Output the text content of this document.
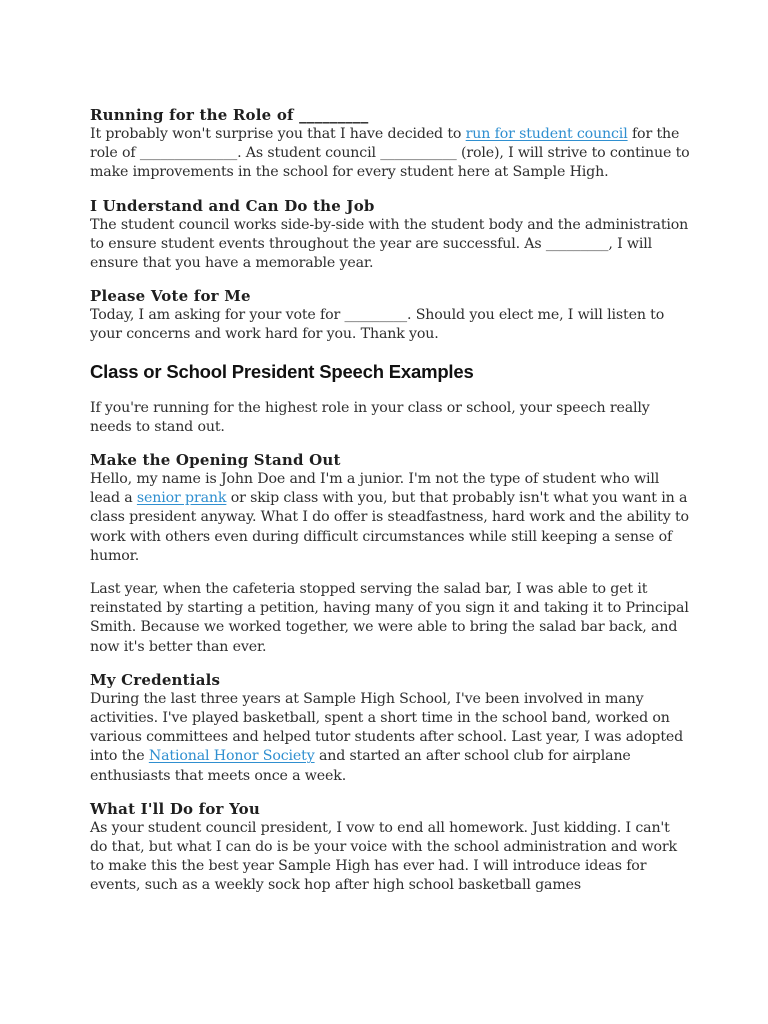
Running for the Role of _________

It probably won't surprise you that I have decided to run for student council for the role of ______________. As student council ___________ (role), I will strive to continue to make improvements in the school for every student here at Sample High.

I Understand and Can Do the Job

The student council works side-by-side with the student body and the administration to ensure student events throughout the year are successful. As _________, I will ensure that you have a memorable year.

Please Vote for Me

Today, I am asking for your vote for _________. Should you elect me, I will listen to your concerns and work hard for you. Thank you.

Class or School President Speech Examples

If you're running for the highest role in your class or school, your speech really needs to stand out.

Make the Opening Stand Out

Hello, my name is John Doe and I'm a junior. I'm not the type of student who will lead a senior prank or skip class with you, but that probably isn't what you want in a class president anyway. What I do offer is steadfastness, hard work and the ability to work with others even during difficult circumstances while still keeping a sense of humor.

Last year, when the cafeteria stopped serving the salad bar, I was able to get it reinstated by starting a petition, having many of you sign it and taking it to Principal Smith. Because we worked together, we were able to bring the salad bar back, and now it's better than ever.

My Credentials

During the last three years at Sample High School, I've been involved in many activities. I've played basketball, spent a short time in the school band, worked on various committees and helped tutor students after school. Last year, I was adopted into the National Honor Society and started an after school club for airplane enthusiasts that meets once a week.

What I'll Do for You

As your student council president, I vow to end all homework. Just kidding. I can't do that, but what I can do is be your voice with the school administration and work to make this the best year Sample High has ever had. I will introduce ideas for events, such as a weekly sock hop after high school basketball games
